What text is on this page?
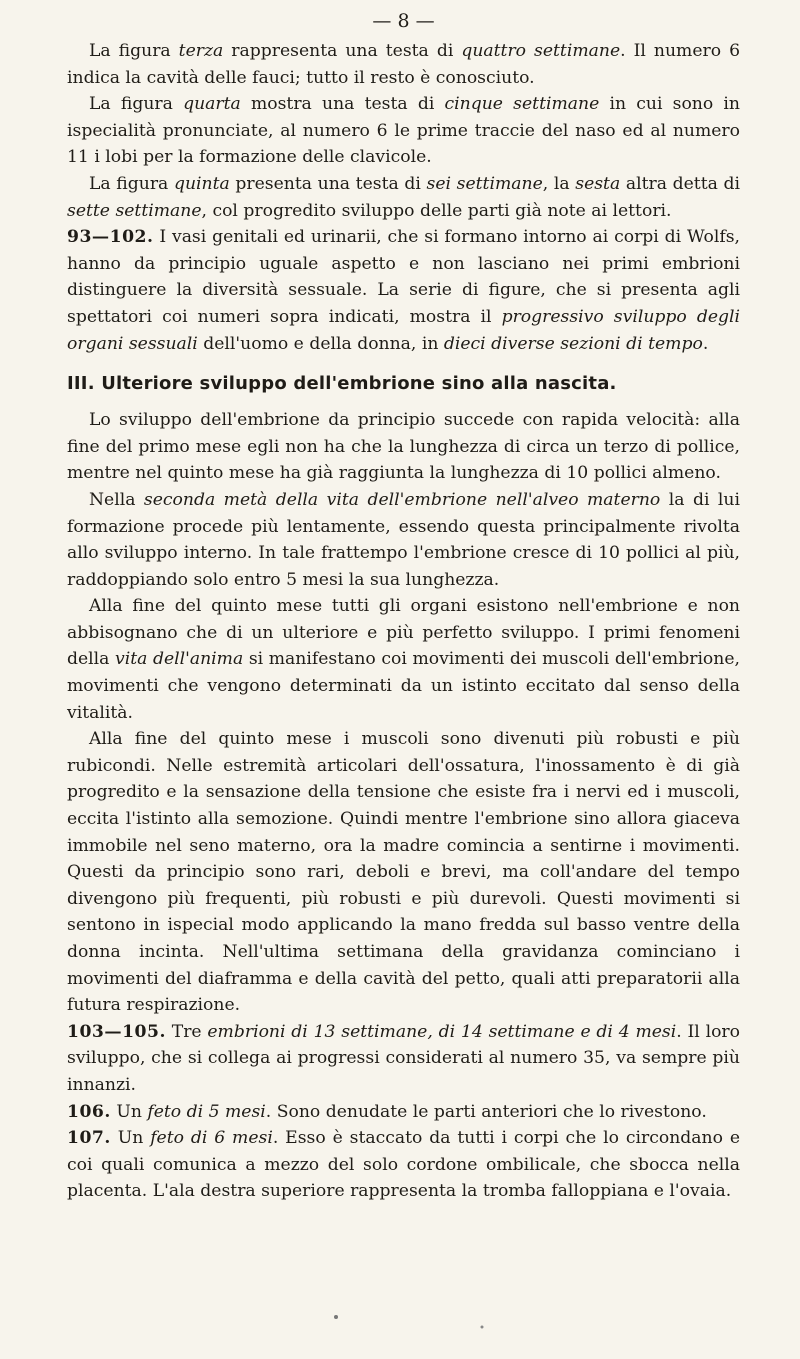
— 8 —

La figura terza rappresenta una testa di quattro settimane. Il numero 6 indica la cavità delle fauci; tutto il resto è conosciuto.

La figura quarta mostra una testa di cinque settimane in cui sono in ispecialità pronunciate, al numero 6 le prime traccie del naso ed al numero 11 i lobi per la formazione delle clavicole.

La figura quinta presenta una testa di sei settimane, la sesta altra detta di sette settimane, col progredito sviluppo delle parti già note ai lettori.

93—102. I vasi genitali ed urinarii, che si formano intorno ai corpi di Wolfs, hanno da principio uguale aspetto e non lasciano nei primi embrioni distinguere la diversità sessuale. La serie di figure, che si presenta agli spettatori coi numeri sopra indicati, mostra il progressivo sviluppo degli organi sessuali dell'uomo e della donna, in dieci diverse sezioni di tempo.

III. Ulteriore sviluppo dell'embrione sino alla nascita.

Lo sviluppo dell'embrione da principio succede con rapida velocità: alla fine del primo mese egli non ha che la lunghezza di circa un terzo di pollice, mentre nel quinto mese ha già raggiunta la lunghezza di 10 pollici almeno.

Nella seconda metà della vita dell'embrione nell'alveo materno la di lui formazione procede più lentamente, essendo questa principalmente rivolta allo sviluppo interno. In tale frattempo l'embrione cresce di 10 pollici al più, raddoppiando solo entro 5 mesi la sua lunghezza.

Alla fine del quinto mese tutti gli organi esistono nell'embrione e non abbisognano che di un ulteriore e più perfetto sviluppo. I primi fenomeni della vita dell'anima si manifestano coi movimenti dei muscoli dell'embrione, movimenti che vengono determinati da un istinto eccitato dal senso della vitalità.

Alla fine del quinto mese i muscoli sono divenuti più robusti e più rubicondi. Nelle estremità articolari dell'ossatura, l'inossamento è di già progredito e la sensazione della tensione che esiste fra i nervi ed i muscoli, eccita l'istinto alla semozione. Quindi mentre l'embrione sino allora giaceva immobile nel seno materno, ora la madre comincia a sentirne i movimenti. Questi da principio sono rari, deboli e brevi, ma coll'andare del tempo divengono più frequenti, più robusti e più durevoli. Questi movimenti si sentono in ispecial modo applicando la mano fredda sul basso ventre della donna incinta. Nell'ultima settimana della gravidanza cominciano i movimenti del diaframma e della cavità del petto, quali atti preparatorii alla futura respirazione.

103—105. Tre embrioni di 13 settimane, di 14 settimane e di 4 mesi. Il loro sviluppo, che si collega ai progressi considerati al numero 35, va sempre più innanzi.

106. Un feto di 5 mesi. Sono denudate le parti anteriori che lo rivestono.

107. Un feto di 6 mesi. Esso è staccato da tutti i corpi che lo circondano e coi quali comunica a mezzo del solo cordone ombilicale, che sbocca nella placenta. L'ala destra superiore rappresenta la tromba falloppiana e l'ovaia.
